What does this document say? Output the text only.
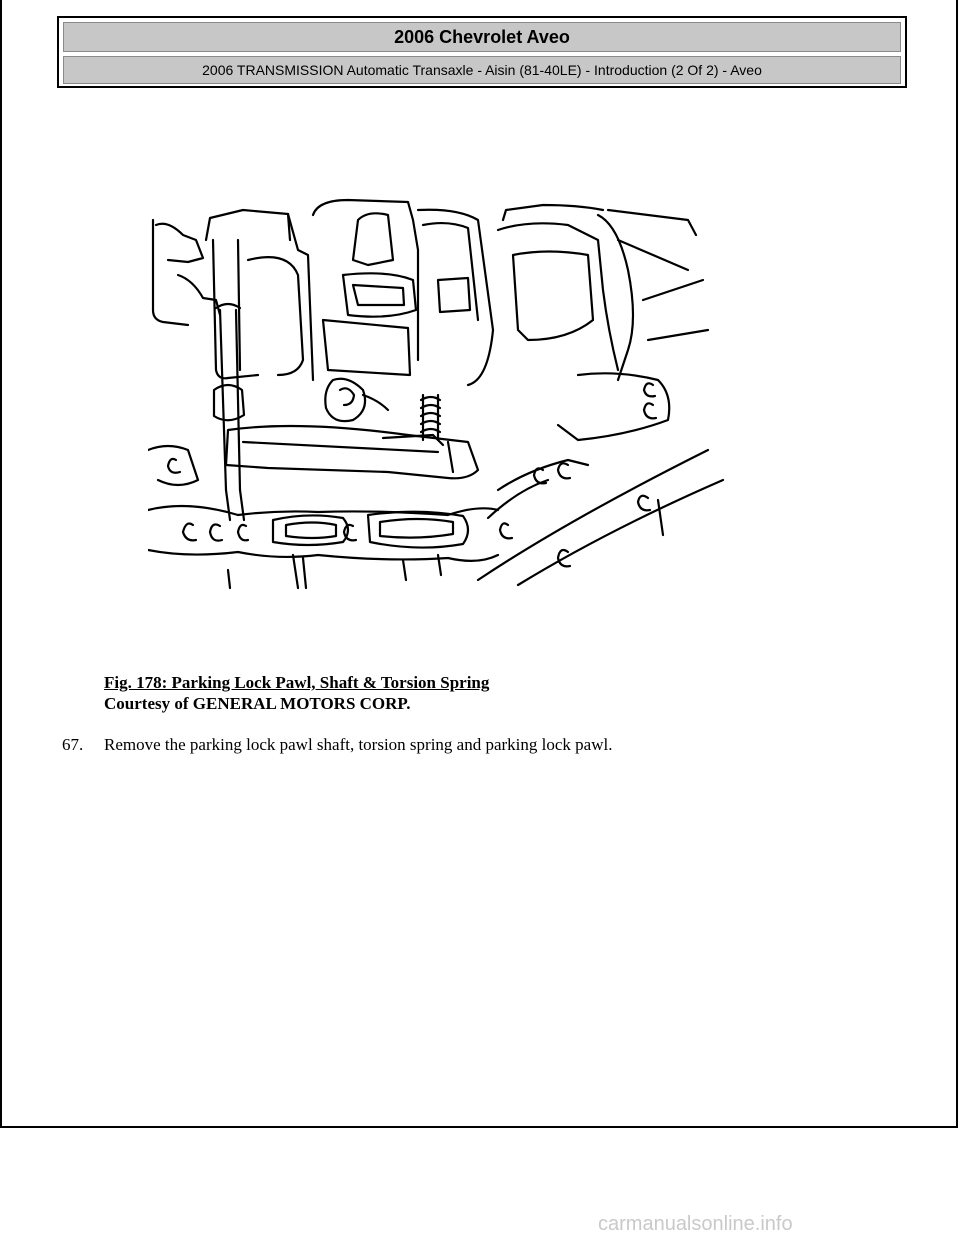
2006 Chevrolet Aveo
2006 TRANSMISSION Automatic Transaxle - Aisin (81-40LE) - Introduction (2 Of 2) - Aveo
Fig. 178: Parking Lock Pawl, Shaft & Torsion Spring
Courtesy of GENERAL MOTORS CORP.
67. Remove the parking lock pawl shaft, torsion spring and parking lock pawl.
carmanualsonline.info
